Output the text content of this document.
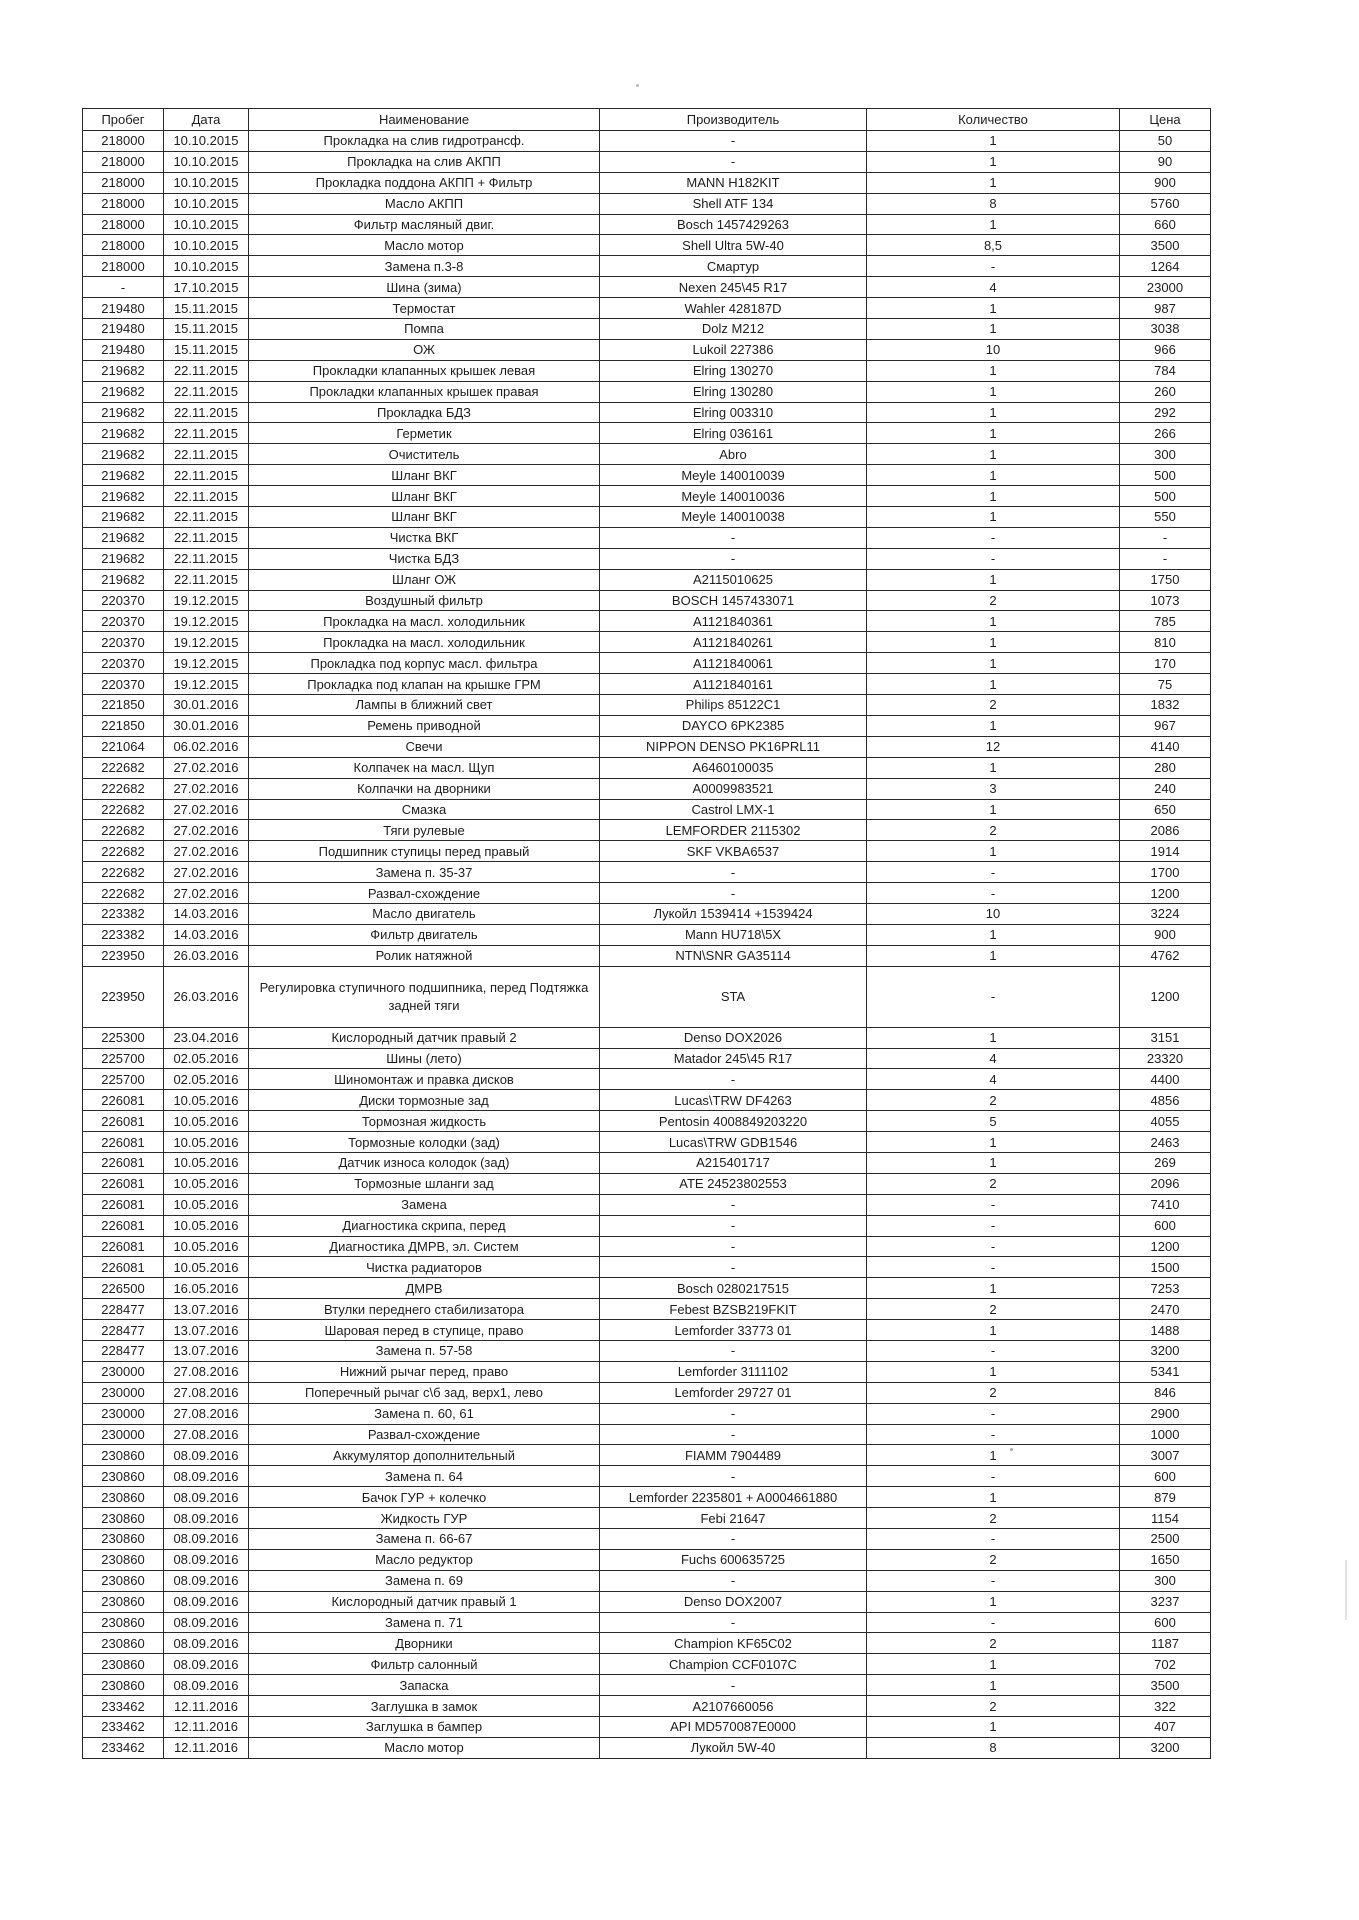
Пробег	Дата	Наименование	Производитель	Количество	Цена
218000	10.10.2015	Прокладка на слив гидротрансф.	-	1	50
218000	10.10.2015	Прокладка на слив АКПП	-	1	90
218000	10.10.2015	Прокладка поддона АКПП + Фильтр	MANN H182KIT	1	900
218000	10.10.2015	Масло АКПП	Shell ATF 134	8	5760
218000	10.10.2015	Фильтр масляный двиг.	Bosch 1457429263	1	660
218000	10.10.2015	Масло мотор	Shell Ultra 5W-40	8,5	3500
218000	10.10.2015	Замена п.3-8	Смартур	-	1264
-	17.10.2015	Шина (зима)	Nexen 245\45 R17	4	23000
219480	15.11.2015	Термостат	Wahler 428187D	1	987
219480	15.11.2015	Помпа	Dolz M212	1	3038
219480	15.11.2015	ОЖ	Lukoil 227386	10	966
219682	22.11.2015	Прокладки клапанных крышек левая	Elring 130270	1	784
219682	22.11.2015	Прокладки клапанных крышек правая	Elring 130280	1	260
219682	22.11.2015	Прокладка БДЗ	Elring 003310	1	292
219682	22.11.2015	Герметик	Elring 036161	1	266
219682	22.11.2015	Очиститель	Abro	1	300
219682	22.11.2015	Шланг ВКГ	Meyle 140010039	1	500
219682	22.11.2015	Шланг ВКГ	Meyle 140010036	1	500
219682	22.11.2015	Шланг ВКГ	Meyle 140010038	1	550
219682	22.11.2015	Чистка ВКГ	-	-	-
219682	22.11.2015	Чистка БДЗ	-	-	-
219682	22.11.2015	Шланг ОЖ	A2115010625	1	1750
220370	19.12.2015	Воздушный фильтр	BOSCH 1457433071	2	1073
220370	19.12.2015	Прокладка на масл. холодильник	A1121840361	1	785
220370	19.12.2015	Прокладка на масл. холодильник	A1121840261	1	810
220370	19.12.2015	Прокладка под корпус масл. фильтра	A1121840061	1	170
220370	19.12.2015	Прокладка под клапан на крышке ГРМ	A1121840161	1	75
221850	30.01.2016	Лампы в ближний свет	Philips 85122C1	2	1832
221850	30.01.2016	Ремень приводной	DAYCO 6PK2385	1	967
221064	06.02.2016	Свечи	NIPPON DENSO PK16PRL11	12	4140
222682	27.02.2016	Колпачек на масл. Щуп	A6460100035	1	280
222682	27.02.2016	Колпачки на дворники	A0009983521	3	240
222682	27.02.2016	Смазка	Castrol LMX-1	1	650
222682	27.02.2016	Тяги рулевые	LEMFORDER 2115302	2	2086
222682	27.02.2016	Подшипник ступицы перед правый	SKF VKBA6537	1	1914
222682	27.02.2016	Замена п. 35-37	-	-	1700
222682	27.02.2016	Развал-схождение	-	-	1200
223382	14.03.2016	Масло двигатель	Лукойл 1539414 +1539424	10	3224
223382	14.03.2016	Фильтр двигатель	Mann HU718\5X	1	900
223950	26.03.2016	Ролик натяжной	NTN\SNR GA35114	1	4762
223950	26.03.2016	Регулировка ступичного подшипника, перед Подтяжка задней тяги	STA	-	1200
225300	23.04.2016	Кислородный датчик правый 2	Denso DOX2026	1	3151
225700	02.05.2016	Шины (лето)	Matador 245\45 R17	4	23320
225700	02.05.2016	Шиномонтаж и правка дисков	-	4	4400
226081	10.05.2016	Диски тормозные зад	Lucas\TRW DF4263	2	4856
226081	10.05.2016	Тормозная жидкость	Pentosin 4008849203220	5	4055
226081	10.05.2016	Тормозные колодки (зад)	Lucas\TRW GDB1546	1	2463
226081	10.05.2016	Датчик износа колодок (зад)	A215401717	1	269
226081	10.05.2016	Тормозные шланги зад	ATE 24523802553	2	2096
226081	10.05.2016	Замена	-	-	7410
226081	10.05.2016	Диагностика скрипа, перед	-	-	600
226081	10.05.2016	Диагностика ДМРВ, эл. Систем	-	-	1200
226081	10.05.2016	Чистка радиаторов	-	-	1500
226500	16.05.2016	ДМРВ	Bosch 0280217515	1	7253
228477	13.07.2016	Втулки переднего стабилизатора	Febest BZSB219FKIT	2	2470
228477	13.07.2016	Шаровая перед в ступице, право	Lemforder 33773 01	1	1488
228477	13.07.2016	Замена п. 57-58	-	-	3200
230000	27.08.2016	Нижний рычаг перед, право	Lemforder 3111102	1	5341
230000	27.08.2016	Поперечный рычаг с\б зад, верх1, лево	Lemforder 29727 01	2	846
230000	27.08.2016	Замена п. 60, 61	-	-	2900
230000	27.08.2016	Развал-схождение	-	-	1000
230860	08.09.2016	Аккумулятор дополнительный	FIAMM 7904489	1	3007
230860	08.09.2016	Замена п. 64	-	-	600
230860	08.09.2016	Бачок ГУР + колечко	Lemforder 2235801 + A0004661880	1	879
230860	08.09.2016	Жидкость ГУР	Febi 21647	2	1154
230860	08.09.2016	Замена п. 66-67	-	-	2500
230860	08.09.2016	Масло редуктор	Fuchs 600635725	2	1650
230860	08.09.2016	Замена п. 69	-	-	300
230860	08.09.2016	Кислородный датчик правый 1	Denso DOX2007	1	3237
230860	08.09.2016	Замена п. 71	-	-	600
230860	08.09.2016	Дворники	Champion KF65C02	2	1187
230860	08.09.2016	Фильтр салонный	Champion CCF0107C	1	702
230860	08.09.2016	Запаска	-	1	3500
233462	12.11.2016	Заглушка в замок	A2107660056	2	322
233462	12.11.2016	Заглушка в бампер	API MD570087E0000	1	407
233462	12.11.2016	Масло мотор	Лукойл 5W-40	8	3200
